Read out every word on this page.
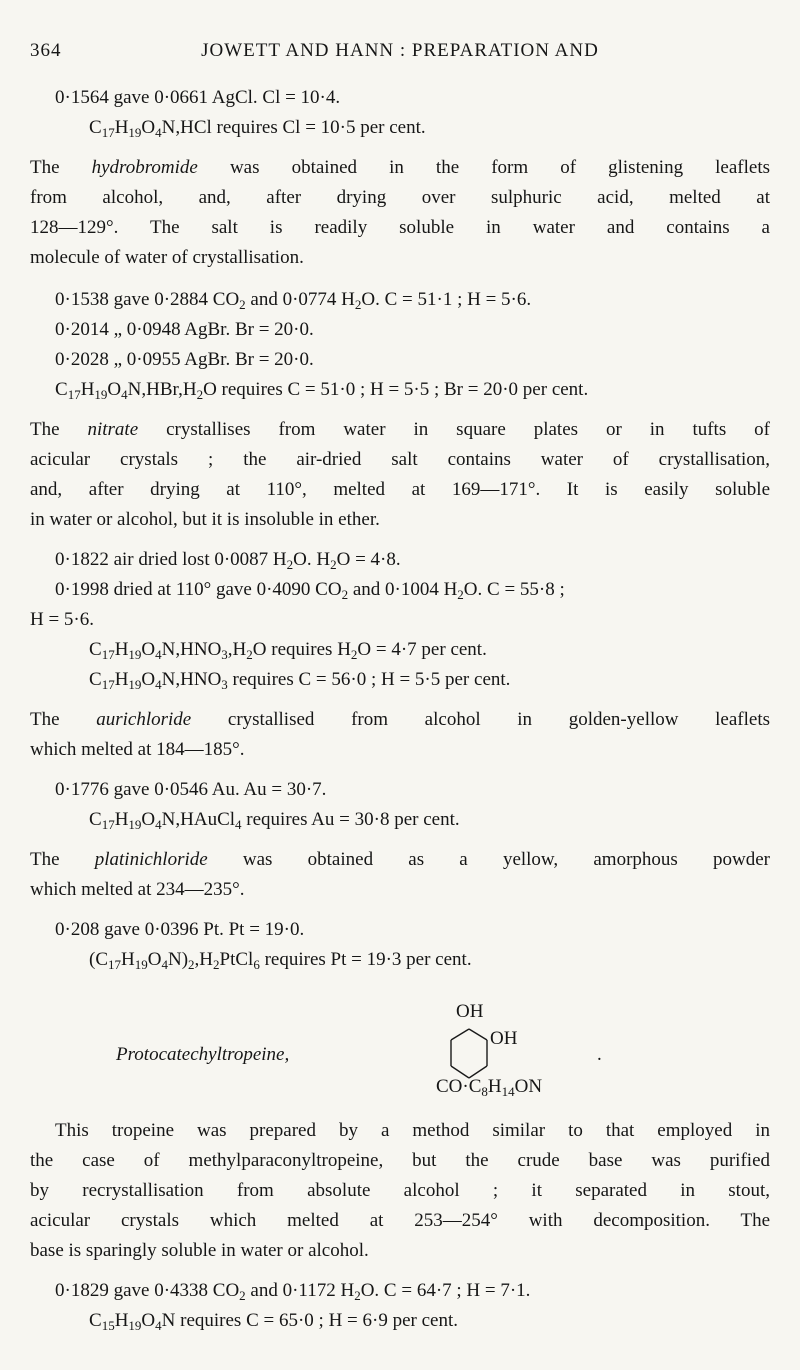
364	JOWETT AND HANN : PREPARATION AND
0·1564 gave 0·0661 AgCl. Cl = 10·4.
$C_{17}H_{19}O_4N,HCl$ requires Cl = 10·5 per cent.
The hydrobromide was obtained in the form of glistening leaflets
from alcohol, and, after drying over sulphuric acid, melted at
128—129°. The salt is readily soluble in water and contains a
molecule of water of crystallisation.
0·1538 gave 0·2884 $CO_2$ and 0·0774 $H_2O$. C = 51·1 ; H = 5·6.
0·2014 „ 0·0948 AgBr. Br = 20·0.
0·2028 „ 0·0955 AgBr. Br = 20·0.
$C_{17}H_{19}O_4N,HBr,H_2O$ requires C = 51·0 ; H = 5·5 ; Br = 20·0 per cent.
The nitrate crystallises from water in square plates or in tufts of
acicular crystals ; the air-dried salt contains water of crystallisation,
and, after drying at 110°, melted at 169—171°. It is easily soluble
in water or alcohol, but it is insoluble in ether.
0·1822 air dried lost 0·0087 $H_2O$. $H_2O = 4\cdot 8$.
0·1998 dried at 110° gave 0·4090 $CO_2$ and 0·1004 $H_2O$. C = 55·8 ;
H = 5·6.
$C_{17}H_{19}O_4N,HNO_3,H_2O$ requires $H_2O = 4\cdot 7$ per cent.
$C_{17}H_{19}O_4N,HNO_3$ requires C = 56·0 ; H = 5·5 per cent.
The aurichloride crystallised from alcohol in golden-yellow leaflets
which melted at 184—185°.
0·1776 gave 0·0546 Au. Au = 30·7.
$C_{17}H_{19}O_4N,HAuCl_4$ requires Au = 30·8 per cent.
The platinichloride was obtained as a yellow, amorphous powder
which melted at 234—235°.
0·208 gave 0·0396 Pt. Pt = 19·0.
$(C_{17}H_{19}O_4N)_2,H_2PtCl_6$ requires Pt = 19·3 per cent.
OH
OH
Protocatechyltropeine,	.
$CO\cdot C_8H_{14}ON$
This tropeine was prepared by a method similar to that employed in
the case of methylparaconyltropeine, but the crude base was purified
by recrystallisation from absolute alcohol ; it separated in stout,
acicular crystals which melted at 253—254° with decomposition. The
base is sparingly soluble in water or alcohol.
0·1829 gave 0·4338 $CO_2$ and 0·1172 $H_2O$. C = 64·7 ; H = 7·1.
$C_{15}H_{19}O_4N$ requires C = 65·0 ; H = 6·9 per cent.
